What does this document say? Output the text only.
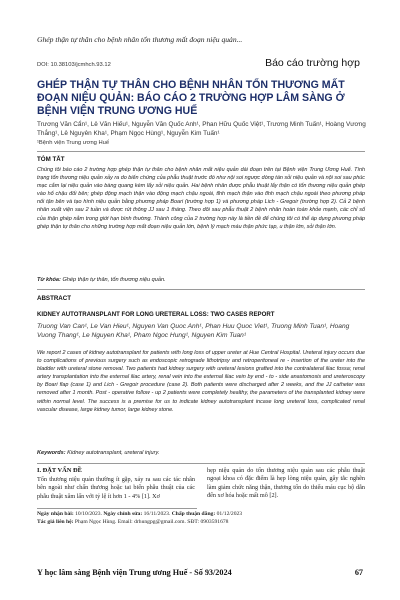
Ghép thận tự thân cho bệnh nhân tổn thương mất đoạn niệu quản...
DOI: 10.38103/jcmhch.93.12	Báo cáo trường hợp
GHÉP THẬN TỰ THÂN CHO BỆNH NHÂN TỔN THƯƠNG MẤT ĐOẠN NIỆU QUẢN: BÁO CÁO 2 TRƯỜNG HỢP LÂM SÀNG Ở BỆNH VIỆN TRUNG ƯƠNG HUẾ
Trương Văn Cẩn¹, Lê Văn Hiếu¹, Nguyễn Văn Quốc Anh¹, Phan Hữu Quốc Việt¹, Trương Minh Tuấn¹, Hoàng Vương Thắng¹, Lê Nguyên Kha¹, Phạm Ngọc Hùng¹, Nguyễn Kim Tuấn¹
¹Bệnh viện Trung ương Huế
TÓM TẮT
Chúng tôi báo cáo 2 trường hợp ghép thận tự thân cho bệnh nhân mất niệu quản dài đoạn trên tại Bệnh viện Trung Ương Huế. Tình trạng tổn thương niệu quản xảy ra do biến chứng của phẫu thuật trước đó như nội soi ngược dòng tán sỏi niệu quản và nội soi sau phúc mạc cắm lại niệu quản vào bàng quang kèm lấy sỏi niệu quản. Hai bệnh nhân được phẫu thuật lấy thận có tổn thương niệu quản ghép vào hố chậu đối bên; ghép động mạch thận vào động mạch chậu ngoài, tĩnh mạch thận vào tĩnh mạch chậu ngoài theo phương pháp nối tận bên và tạo hình niệu quản bằng phương pháp Boari (trường hợp 1) và phương pháp Lich - Gregoir (trường hợp 2). Cả 2 bệnh nhân xuất viện sau 2 tuần và được rút thông JJ sau 1 tháng. Theo dõi sau phẫu thuật 2 bệnh nhân hoàn toàn khỏe mạnh, các chỉ số của thận ghép nằm trong giới hạn bình thường. Thành công của 2 trường hợp này là tiền đề để chúng tôi có thể áp dụng phương pháp ghép thận tự thân cho những trường hợp mất đoạn niệu quản lớn, bệnh lý mạch máu thận phức tạp, u thận lớn, sỏi thận lớn.
Từ khóa: Ghép thận tự thân, tổn thương niệu quản.
ABSTRACT
KIDNEY AUTOTRANSPLANT FOR LONG URETERAL LOSS: TWO CASES REPORT
Truong Van Can¹, Le Van Hieu¹, Nguyen Van Quoc Anh¹, Phan Huu Quoc Viet¹, Truong Minh Tuan¹, Hoang Vuong Thang¹, Le Nguyen Kha¹, Pham Ngoc Hung¹, Nguyen Kim Tuan¹
We report 2 cases of kidney autotransplant for patients with long loss of upper ureter at Hue Central Hospital. Ureteral injury occurs due to complications of previous surgery such as endoscopic retrograde lithotripsy and retroperitoneal re - insertion of the ureter into the bladder with ureteral stone removal. Two patients had kidney surgery with ureteral lesions grafted into the contralateral iliac fossa; renal artery transplantation into the external iliac artery, renal vein into the external iliac vein by end - to - side anastomosis and ureteroscopy by Boari flap (case 1) and Lich - Gregoir procedure (case 2). Both patients were discharged after 2 weeks, and the JJ catheter was removed after 1 month. Post - operative follow - up 2 patients were completely healthy, the parameters of the transplanted kidney were within normal level. The success is a premise for us to indicate kidney autotransplant incase long ureteral loss, complicated renal vascular disease, large kidney tumor, large kidney stone.
Keywords: Kidney autotransplant, ureteral injury.
I. ĐẶT VẤN ĐỀ
Tổn thương niệu quản thường ít gặp, xảy ra sau các tác nhân bên ngoài như chấn thương hoặc tai biến phẫu thuật của các phẫu thuật xâm lấn với tỷ lệ ít hơn 1 - 4% [1]. Xơ
hẹp niệu quản do tổn thương niệu quản sau các phẫu thuật ngoại khoa có đặc điểm là hẹp lòng niệu quản, gây tắc nghẽn làm giảm chức năng thận, thương tổn do thiếu máu cục bộ dẫn đến xơ hóa hoặc mất mô [2].
Ngày nhận bài: 10/10/2023. Ngày chỉnh sửa: 16/11/2023. Chấp thuận đăng: 01/12/2023
Tác giả liên hệ: Phạm Ngọc Hùng. Email: drhungpg@gmail.com. SĐT: 0903591678
Y học lâm sàng Bệnh viện Trung ương Huế - Số 93/2024	67
